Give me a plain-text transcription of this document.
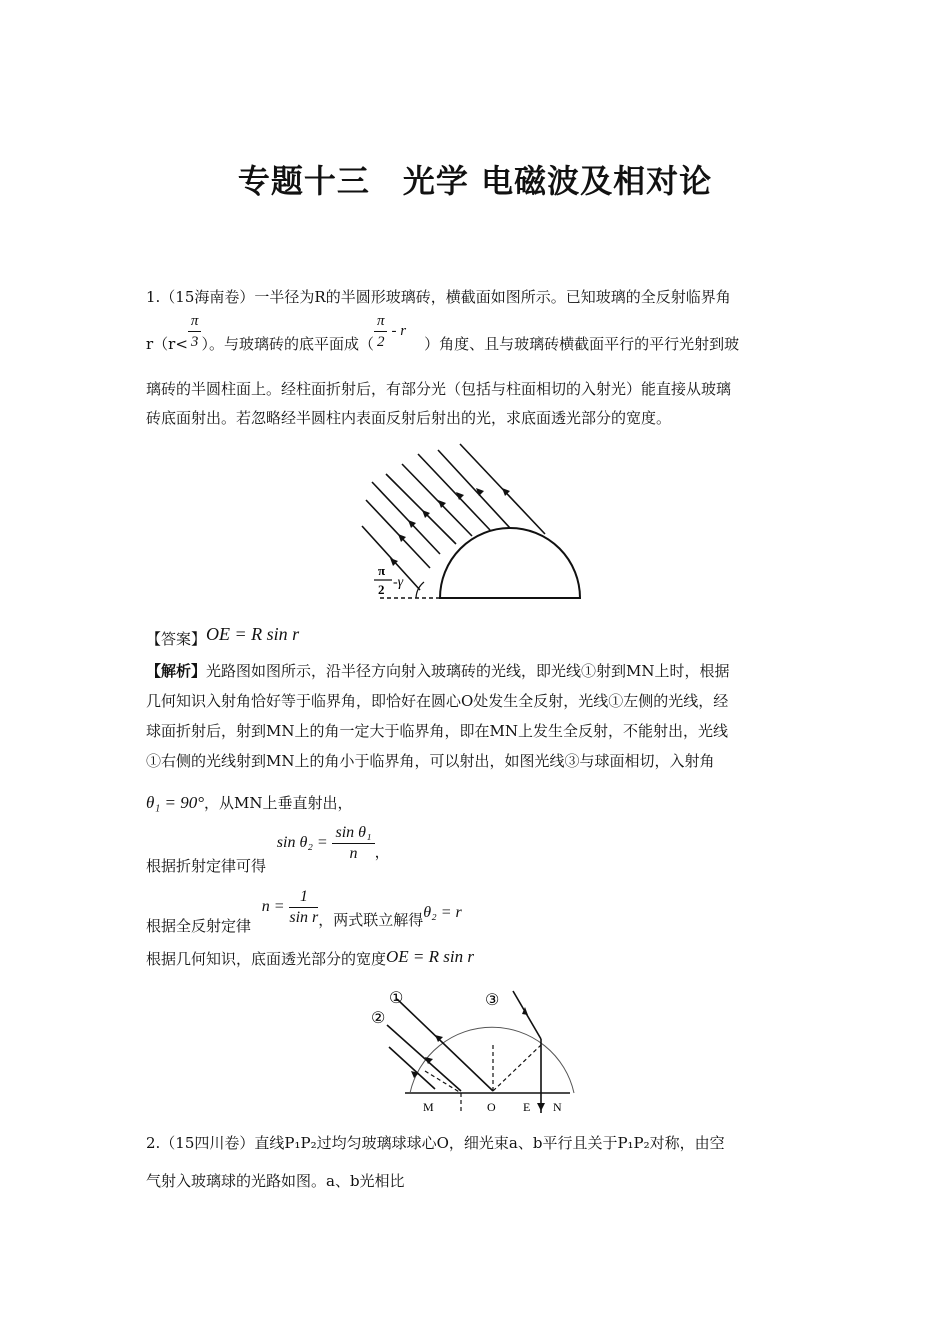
专题十三　光学 电磁波及相对论
1.（15海南卷）一半径为R的半圆形玻璃砖，横截面如图所示。已知玻璃的全反射临界角
$r(r< \frac{\pi}{3}$ ）。与玻璃砖的底平面成（ $\frac{\pi}{2} - r$）角度、且与玻璃砖横截面平行的平行光射到玻
璃砖的半圆柱面上。经柱面折射后，有部分光（包括与柱面相切的入射光）能直接从玻璃
砖底面射出。若忽略经半圆柱内表面反射后射出的光，求底面透光部分的宽度。
π
2 -γ
【答案】OE = R sin r
【解析】光路图如图所示，沿半径方向射入玻璃砖的光线，即光线①射到MN上时，根据
几何知识入射角恰好等于临界角，即恰好在圆心O处发生全反射，光线①左侧的光线，经
球面折射后，射到MN上的角一定大于临界角，即在MN上发生全反射，不能射出，光线
①右侧的光线射到MN上的角小于临界角，可以射出，如图光线③与球面相切，入射角
θ₁ = 90°，从MN上垂直射出，
根据折射定律可得 $\sin \theta_2 = \frac{\text{sin θ₁}}{n}$ ，
根据全反射定律 $n = \frac{1}{\text{sin r}}$ ，两式联立解得θ₂ = r
根据几何知识，底面透光部分的宽度OE = R sin r
①
②
③
M	O E N
2.（15四川卷）直线P₁P₂过均匀玻璃球球心O，细光束a、b平行且关于P₁P₂对称，由空
气射入玻璃球的光路如图。a、b光相比
